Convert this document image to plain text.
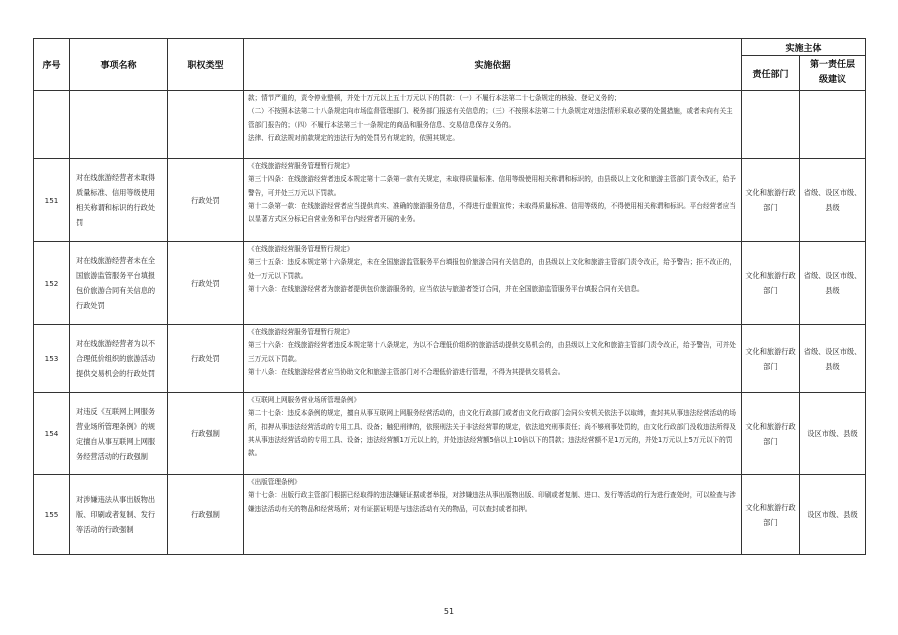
序号	事项名称	职权类型	实施依据	实施主体	
				责任部门	第一责任层级建议

			款；情节严重的，责令停业整顿，并处十万元以上五十万元以下的罚款：（一）不履行本法第二十七条规定的核验、登记义务的；
（二）不按照本法第二十八条规定向市场监督管理部门、税务部门报送有关信息的；（三）不按照本法第二十九条规定对违法情形采取必要的处置措施，或者未向有关主管部门报告的；（四）不履行本法第三十一条规定的商品和服务信息、交易信息保存义务的。
法律、行政法规对前款规定的违法行为的处罚另有规定的，依照其规定。		

151	对在线旅游经营者未取得质量标准、信用等级使用相关称谓和标识的行政处罚	行政处罚	《在线旅游经营服务管理暂行规定》
第三十四条：在线旅游经营者违反本规定第十二条第一款有关规定，未取得质量标准、信用等级使用相关称谓和标识的，由县级以上文化和旅游主管部门责令改正，给予警告，可并处三万元以下罚款。
第十二条第一款：在线旅游经营者应当提供真实、准确的旅游服务信息，不得进行虚假宣传；未取得质量标准、信用等级的，不得使用相关称谓和标识。平台经营者应当以显著方式区分标记自营业务和平台内经营者开展的业务。	文化和旅游行政部门	省级、设区市级、县级
152	对在线旅游经营者未在全国旅游监管服务平台填报包价旅游合同有关信息的行政处罚	行政处罚	《在线旅游经营服务管理暂行规定》
第三十五条：违反本规定第十六条规定，未在全国旅游监管服务平台填报包价旅游合同有关信息的，由县级以上文化和旅游主管部门责令改正，给予警告；拒不改正的，处一万元以下罚款。
第十六条：在线旅游经营者为旅游者提供包价旅游服务的，应当依法与旅游者签订合同，并在全国旅游监管服务平台填报合同有关信息。	文化和旅游行政部门	省级、设区市级、县级
153	对在线旅游经营者为以不合理低价组织的旅游活动提供交易机会的行政处罚	行政处罚	《在线旅游经营服务管理暂行规定》
第三十六条：在线旅游经营者违反本规定第十八条规定，为以不合理低价组织的旅游活动提供交易机会的，由县级以上文化和旅游主管部门责令改正，给予警告，可并处三万元以下罚款。
第十八条：在线旅游经营者应当协助文化和旅游主管部门对不合理低价游进行管理，不得为其提供交易机会。	文化和旅游行政部门	省级、设区市级、县级
154	对违反《互联网上网服务营业场所管理条例》的规定擅自从事互联网上网服务经营活动的行政强制	行政强制	《互联网上网服务营业场所管理条例》
第二十七条：违反本条例的规定，擅自从事互联网上网服务经营活动的，由文化行政部门或者由文化行政部门会同公安机关依法予以取缔，查封其从事违法经营活动的场所，扣押从事违法经营活动的专用工具、设备；触犯刑律的，依照刑法关于非法经营罪的规定，依法追究刑事责任；尚不够刑事处罚的，由文化行政部门没收违法所得及其从事违法经营活动的专用工具、设备；违法经营额1万元以上的，并处违法经营额5倍以上10倍以下的罚款；违法经营额不足1万元的，并处1万元以上5万元以下的罚款。	文化和旅游行政部门	设区市级、县级
155	对涉嫌违法从事出版物出版、印刷或者复制、发行等活动的行政强制	行政强制	《出版管理条例》
第十七条：出版行政主管部门根据已经取得的违法嫌疑证据或者举报，对涉嫌违法从事出版物出版、印刷或者复制、进口、发行等活动的行为进行查处时，可以检查与涉嫌违法活动有关的物品和经营场所；对有证据证明是与违法活动有关的物品，可以查封或者扣押。	文化和旅游行政部门	设区市级、县级
51
